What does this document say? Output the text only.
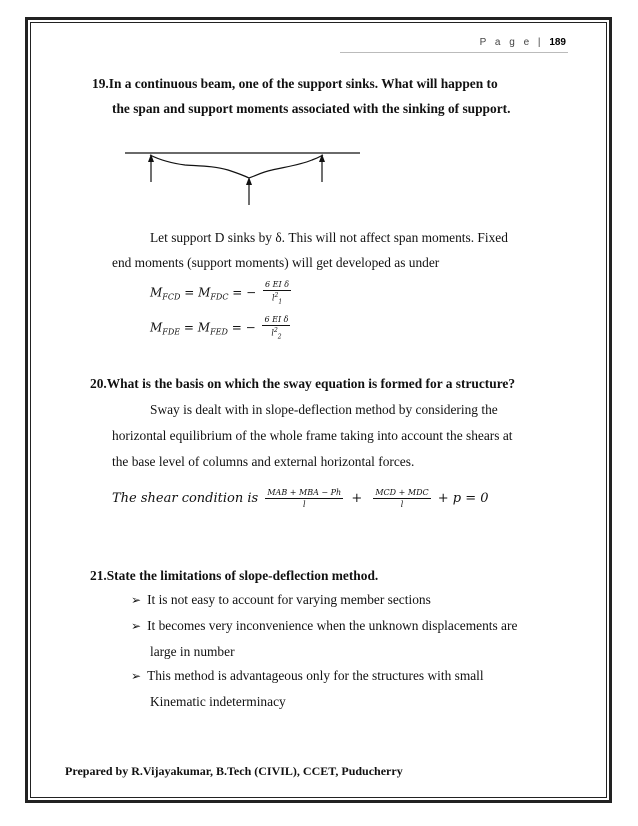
P a g e | 189
19.In a continuous beam, one of the support sinks. What will happen to
the span and support moments associated with the sinking of support.
Let support D sinks by δ. This will not affect span moments. Fixed
end moments (support moments) will get developed as under
$M_{FCD} = M_{FDC}$ = − $\frac{\text{6 EI δ}}{l^2_1}$
$M_{FDE} = M_{FED}$ = − $\frac{\text{6 EI δ}}{l^2_2}$
20.What is the basis on which the sway equation is formed for a structure?
Sway is dealt with in slope-deflection method by considering the
horizontal equilibrium of the whole frame taking into account the shears at
the base level of columns and external horizontal forces.
The shear condition is $\frac{\text{MAB + MBA − Ph}}{l} + \frac{\text{MCD + MDC}}{l} + p = 0$
21.State the limitations of slope-deflection method.
➢ It is not easy to account for varying member sections
➢ It becomes very inconvenience when the unknown displacements are
large in number
➢ This method is advantageous only for the structures with small
Kinematic indeterminacy
Prepared by R.Vijayakumar, B.Tech (CIVIL), CCET, Puducherry
